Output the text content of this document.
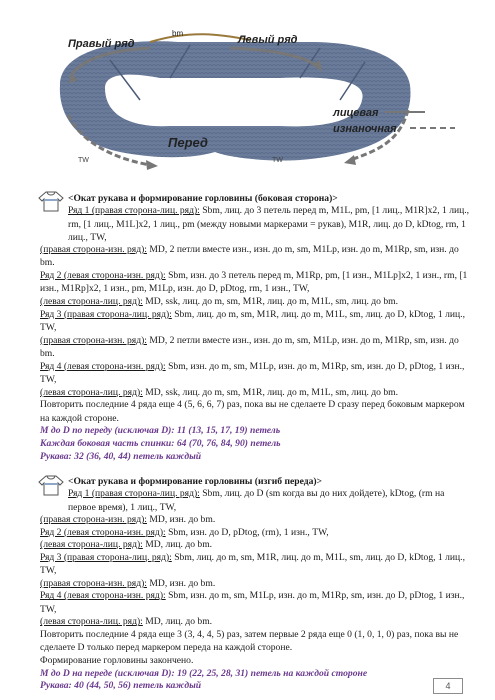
Правый ряд	Левый ряд
bm
Перед
TW	TW
лицевая
изнаночная

<Окат рукава и формирование горловины (боковая сторона)>

Ряд 1 (правая сторона-лиц. ряд): Sbm, лиц. до 3 петель перед m, M1L, pm, [1 лиц., M1R]x2, 1 лиц., rm, [1 лиц., M1L]x2, 1 лиц., pm (между новыми маркерами = рукав), M1R, лиц. до D, kDtog, rm, 1 лиц., TW,

(правая сторона-изн. ряд): MD, 2 петли вместе изн., изн. до m, sm, M1Lp, изн. до m, M1Rp, sm, изн. до bm.

Ряд 2 (левая сторона-изн. ряд): Sbm, изн. до 3 петель перед m, M1Rp, pm, [1 изн., M1Lp]x2, 1 изн., rm, [1 изн., M1Rp]x2, 1 изн., pm, M1Lp, изн. до D, pDtog, rm, 1 изн., TW,

(левая сторона-лиц. ряд): MD, ssk, лиц. до m, sm, M1R, лиц. до m, M1L, sm, лиц. до bm.

Ряд 3 (правая сторона-лиц. ряд): Sbm, лиц. до m, sm, M1R, лиц. до m, M1L, sm, лиц. до D, kDtog, 1 лиц., TW,

(правая сторона-изн. ряд): MD, 2 петли вместе изн., изн. до m, sm, M1Lp, изн. до m, M1Rp, sm, изн. до bm.

Ряд 4 (левая сторона-изн. ряд): Sbm, изн. до m, sm, M1Lp, изн. до m, M1Rp, sm, изн. до D, pDtog, 1 изн., TW,

(левая сторона-лиц. ряд): MD, ssk, лиц. до m, sm, M1R, лиц. до m, M1L, sm, лиц. до bm.

Повторить последние 4 ряда еще 4 (5, 6, 6, 7) раз, пока вы не сделаете D сразу перед боковым маркером на каждой стороне.

M до D по переду (исключая D): 11 (13, 15, 17, 19) петель

Каждая боковая часть спинки: 64 (70, 76, 84, 90) петель

Рукава: 32 (36, 40, 44) петель каждый

<Окат рукава и формирование горловины (изгиб переда)>

Ряд 1 (правая сторона-лиц. ряд): Sbm, лиц. до D (sm когда вы до них дойдете), kDtog, (rm на первое время), 1 лиц., TW,

(правая сторона-изн. ряд): MD, изн. до bm.

Ряд 2 (левая сторона-изн. ряд): Sbm, изн. до D, pDtog, (rm), 1 изн., TW,

(левая сторона-лиц. ряд): MD, лиц. до bm.

Ряд 3 (правая сторона-лиц. ряд): Sbm, лиц. до m, sm, M1R, лиц. до m, M1L, sm, лиц. до D, kDtog, 1 лиц., TW,

(правая сторона-изн. ряд): MD, изн. до bm.

Ряд 4 (левая сторона-изн. ряд): Sbm, изн. до m, sm, M1Lp, изн. до m, M1Rp, sm, изн. до D, pDtog, 1 изн., TW,

(левая сторона-лиц. ряд): MD, лиц. до bm.

Повторить последние 4 ряда еще 3 (3, 4, 4, 5) раз, затем первые 2 ряда еще 0 (1, 0, 1, 0) раз, пока вы не сделаете D только перед маркером переда на каждой стороне.

Формирование горловины закончено.

M до D на переде (исключая D): 19 (22, 25, 28, 31) петель на каждой стороне

Рукава: 40 (44, 50, 56) петель каждый	4
